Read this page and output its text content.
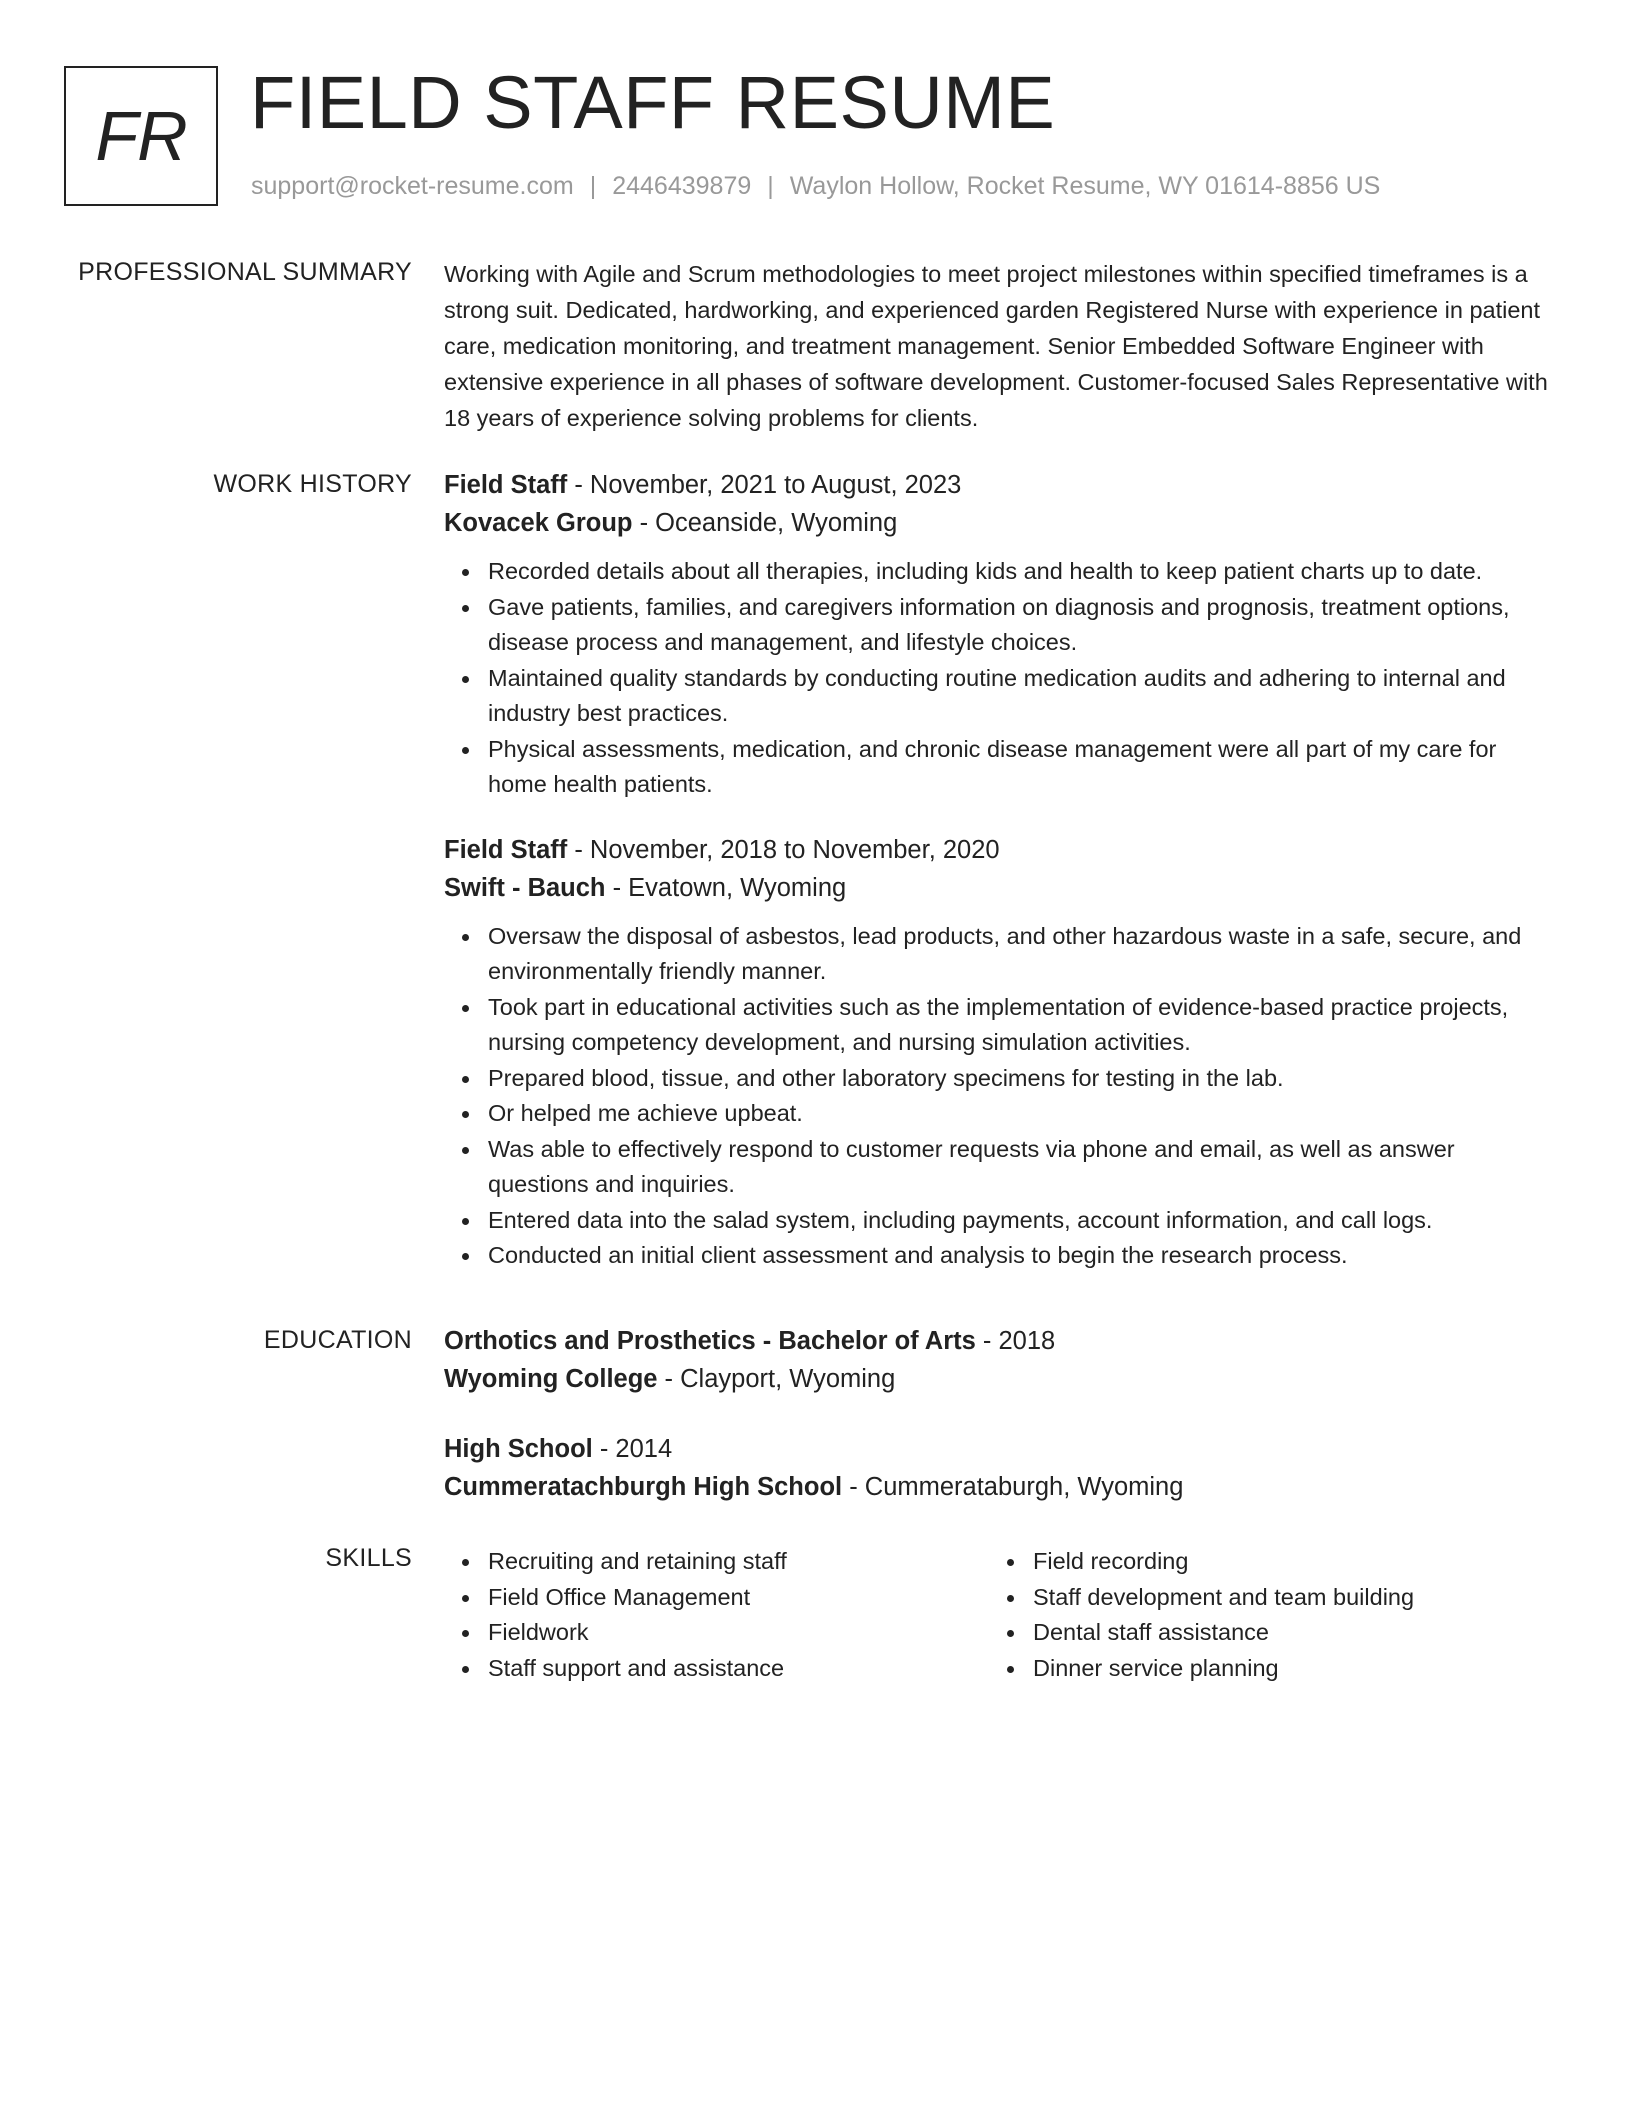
FR FIELD STAFF RESUME
support@rocket-resume.com | 2446439879 | Waylon Hollow, Rocket Resume, WY 01614-8856 US
PROFESSIONAL SUMMARY Working with Agile and Scrum methodologies to meet project milestones within specified timeframes is a strong suit. Dedicated, hardworking, and experienced garden Registered Nurse with experience in patient care, medication monitoring, and treatment management. Senior Embedded Software Engineer with extensive experience in all phases of software development. Customer-focused Sales Representative with 18 years of experience solving problems for clients.

WORK HISTORY Field Staff - November, 2021 to August, 2023
Kovacek Group - Oceanside, Wyoming
Recorded details about all therapies, including kids and health to keep patient charts up to date.
Gave patients, families, and caregivers information on diagnosis and prognosis, treatment options, disease process and management, and lifestyle choices.
Maintained quality standards by conducting routine medication audits and adhering to internal and industry best practices.
Physical assessments, medication, and chronic disease management were all part of my care for home health patients.
Field Staff - November, 2018 to November, 2020
Swift - Bauch - Evatown, Wyoming
Oversaw the disposal of asbestos, lead products, and other hazardous waste in a safe, secure, and environmentally friendly manner.
Took part in educational activities such as the implementation of evidence-based practice projects, nursing competency development, and nursing simulation activities.
Prepared blood, tissue, and other laboratory specimens for testing in the lab.
Or helped me achieve upbeat.
Was able to effectively respond to customer requests via phone and email, as well as answer questions and inquiries.
Entered data into the salad system, including payments, account information, and call logs.
Conducted an initial client assessment and analysis to begin the research process.
EDUCATION Orthotics and Prosthetics - Bachelor of Arts - 2018
Wyoming College - Clayport, Wyoming
High School - 2014
Cummeratachburgh High School - Cummerataburgh, Wyoming
SKILLS	Recruiting and retaining staff
Field Office Management
Fieldwork
Staff support and assistance
Field recording
Staff development and team building
Dental staff assistance
Dinner service planning
